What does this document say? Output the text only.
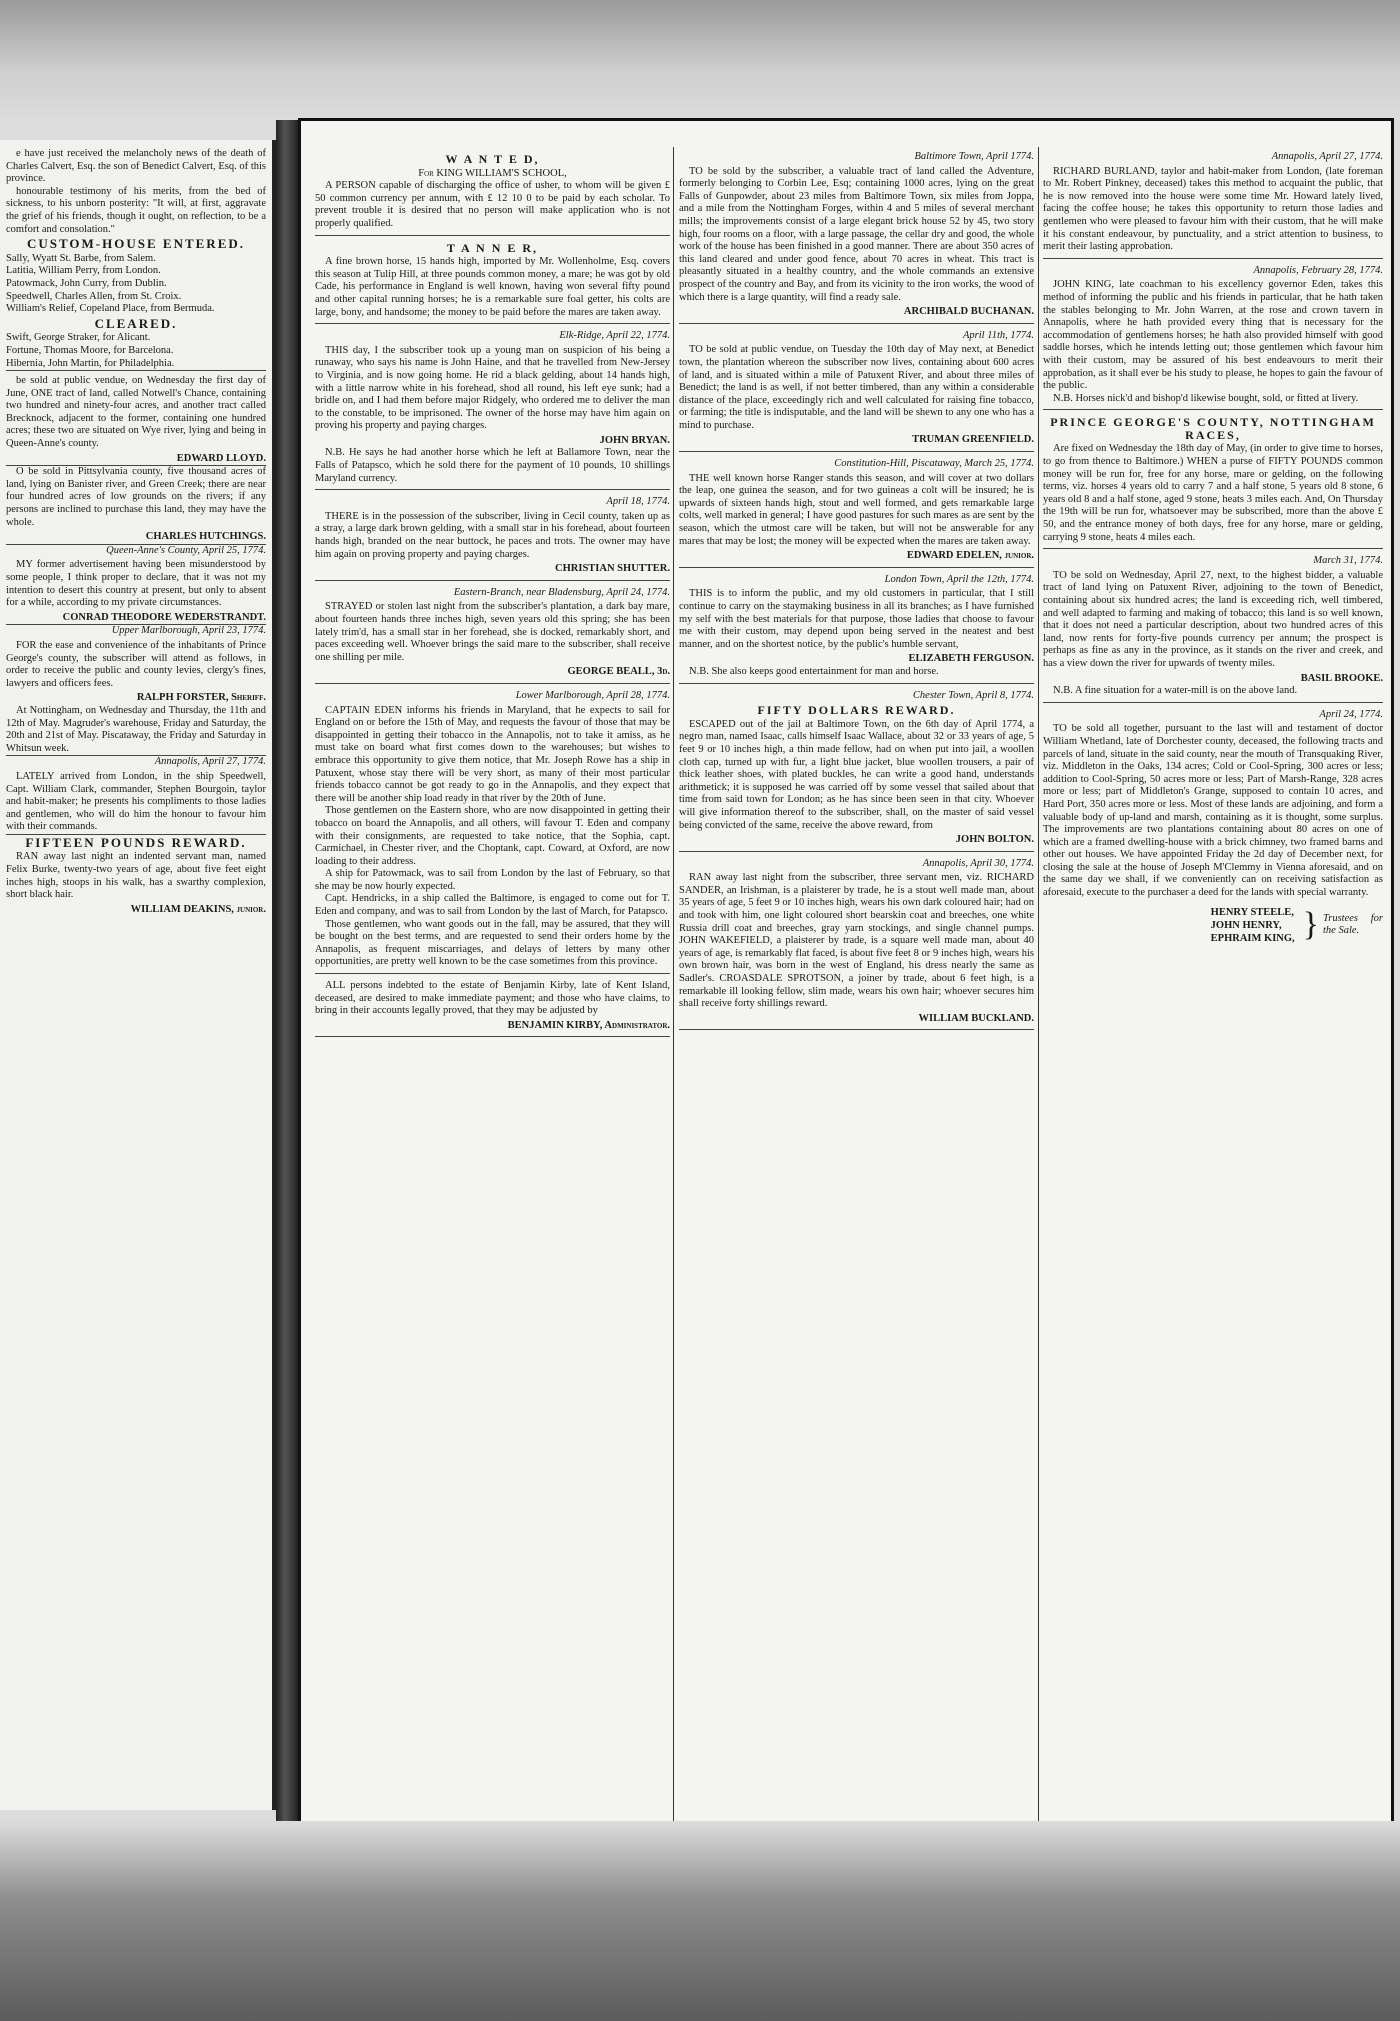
e have just received the melancholy news of the death of Charles Calvert, Esq. the son of Benedict Calvert, Esq. of this province.

honourable testimony of his merits, from the bed of sickness, to his unborn posterity: "It will, at first, aggravate the grief of his friends, though it ought, on reflection, to be a comfort and consolation."

CUSTOM-HOUSE ENTERED.
Sally, Wyatt St. Barbe, from Salem.
Latitia, William Perry, from London.
Patowmack, John Curry, from Dublin.
Speedwell, Charles Allen, from St. Croix.
William's Relief, Copeland Place, from Bermuda.
CLEARED.
Swift, George Straker, for Alicant.
Fortune, Thomas Moore, for Barcelona.
Hibernia, John Martin, for Philadelphia.

be sold at public vendue, on Wednesday the first day of June, ONE tract of land, called Notwell's Chance, containing two hundred and ninety-four acres, and another tract called Brecknock, adjacent to the former, containing one hundred acres; these two are situated on Wye river, lying and being in Queen-Anne's county.

EDWARD LLOYD.

O be sold in Pittsylvania county, five thousand acres of land, lying on Banister river, and Green Creek; there are near four hundred acres of low grounds on the rivers; if any persons are inclined to purchase this land, they may have the whole.

CHARLES HUTCHINGS.
Queen-Anne's County, April 25, 1774.

MY former advertisement having been misunderstood by some people, I think proper to declare, that it was not my intention to desert this country at present, but only to absent for a while, according to my private circumstances.

CONRAD THEODORE WEDERSTRANDT.
Upper Marlborough, April 23, 1774.

FOR the ease and convenience of the inhabitants of Prince George's county, the subscriber will attend as follows, in order to receive the public and county levies, clergy's fines, lawyers and officers fees.

RALPH FORSTER, Sheriff.

At Nottingham, on Wednesday and Thursday, the 11th and 12th of May. Magruder's warehouse, Friday and Saturday, the 20th and 21st of May. Piscataway, the Friday and Saturday in Whitsun week.

Annapolis, April 27, 1774.

LATELY arrived from London, in the ship Speedwell, Capt. William Clark, commander, Stephen Bourgoin, taylor and habit-maker; he presents his compliments to those ladies and gentlemen, who will do him the honour to favour him with their commands.

FIFTEEN POUNDS REWARD.

RAN away last night an indented servant man, named Felix Burke, twenty-two years of age, about five feet eight inches high, stoops in his walk, has a swarthy complexion, short black hair.

WILLIAM DEAKINS, junior.
W A N T E D,
For KING WILLIAM'S SCHOOL,

A PERSON capable of discharging the office of usher, to whom will be given £ 50 common currency per annum, with £ 12 10 0 to be paid by each scholar. To prevent trouble it is desired that no person will make application who is not properly qualified.

T A N N E R,

A fine brown horse, 15 hands high, imported by Mr. Wollenholme, Esq. covers this season at Tulip Hill, at three pounds common money, a mare; he was got by old Cade, his performance in England is well known, having won several fifty pound and other capital running horses; he is a remarkable sure foal getter, his colts are large, bony, and handsome; the money to be paid before the mares are taken away.

Elk-Ridge, April 22, 1774.

THIS day, I the subscriber took up a young man on suspicion of his being a runaway, who says his name is John Haine, and that he travelled from New-Jersey to Virginia, and is now going home. He rid a black gelding, about 14 hands high, with a little narrow white in his forehead, shod all round, his left eye sunk; had a bridle on, and I had them before major Ridgely, who ordered me to deliver the man to the constable, to be imprisoned. The owner of the horse may have him again on proving his property and paying charges.

JOHN BRYAN.

N.B. He says he had another horse which he left at Ballamore Town, near the Falls of Patapsco, which he sold there for the payment of 10 pounds, 10 shillings Maryland currency.

April 18, 1774.

THERE is in the possession of the subscriber, living in Cecil county, taken up as a stray, a large dark brown gelding, with a small star in his forehead, about fourteen hands high, branded on the near buttock, he paces and trots. The owner may have him again on proving property and paying charges.

CHRISTIAN SHUTTER.
Eastern-Branch, near Bladensburg, April 24, 1774.

STRAYED or stolen last night from the subscriber's plantation, a dark bay mare, about fourteen hands three inches high, seven years old this spring; she has been lately trim'd, has a small star in her forehead, she is docked, remarkably short, and paces exceeding well. Whoever brings the said mare to the subscriber, shall receive one shilling per mile.

GEORGE BEALL, 3d.
Lower Marlborough, April 28, 1774.

CAPTAIN EDEN informs his friends in Maryland, that he expects to sail for England on or before the 15th of May, and requests the favour of those that may be disappointed in getting their tobacco in the Annapolis, not to take it amiss, as he must take on board what first comes down to the warehouses; but wishes to embrace this opportunity to give them notice, that Mr. Joseph Rowe has a ship in Patuxent, whose stay there will be very short, as many of their most particular friends tobacco cannot be got ready to go in the Annapolis, and they expect that there will be another ship load ready in that river by the 20th of June.

Those gentlemen on the Eastern shore, who are now disappointed in getting their tobacco on board the Annapolis, and all others, will favour T. Eden and company with their consignments, are requested to take notice, that the Sophia, capt. Carmichael, in Chester river, and the Choptank, capt. Coward, at Oxford, are now loading to their address.

A ship for Patowmack, was to sail from London by the last of February, so that she may be now hourly expected.

Capt. Hendricks, in a ship called the Baltimore, is engaged to come out for T. Eden and company, and was to sail from London by the last of March, for Patapsco.

Those gentlemen, who want goods out in the fall, may be assured, that they will be bought on the best terms, and are requested to send their orders home by the Annapolis, as frequent miscarriages, and delays of letters by many other opportunities, are pretty well known to be the case sometimes from this province.

ALL persons indebted to the estate of Benjamin Kirby, late of Kent Island, deceased, are desired to make immediate payment; and those who have claims, to bring in their accounts legally proved, that they may be adjusted by

BENJAMIN KIRBY, Administrator.
Baltimore Town, April 1774.

TO be sold by the subscriber, a valuable tract of land called the Adventure, formerly belonging to Corbin Lee, Esq; containing 1000 acres, lying on the great Falls of Gunpowder, about 23 miles from Baltimore Town, six miles from Joppa, and a mile from the Nottingham Forges, within 4 and 5 miles of several merchant mills; the improvements consist of a large elegant brick house 52 by 45, two story high, four rooms on a floor, with a large passage, the cellar dry and good, the whole work of the house has been finished in a good manner. There are about 350 acres of this land cleared and under good fence, about 70 acres in wheat. This tract is pleasantly situated in a healthy country, and the whole commands an extensive prospect of the country and Bay, and from its vicinity to the iron works, the wood of which there is a large quantity, will find a ready sale.

ARCHIBALD BUCHANAN.
April 11th, 1774.

TO be sold at public vendue, on Tuesday the 10th day of May next, at Benedict town, the plantation whereon the subscriber now lives, containing about 600 acres of land, and is situated within a mile of Patuxent River, and about three miles of Benedict; the land is as well, if not better timbered, than any within a considerable distance of the place, exceedingly rich and well calculated for raising fine tobacco, or farming; the title is indisputable, and the land will be shewn to any one who has a mind to purchase.

TRUMAN GREENFIELD.
Constitution-Hill, Piscataway, March 25, 1774.

THE well known horse Ranger stands this season, and will cover at two dollars the leap, one guinea the season, and for two guineas a colt will be insured; he is upwards of sixteen hands high, stout and well formed, and gets remarkable large colts, well marked in general; I have good pastures for such mares as are sent by the season, which the utmost care will be taken, but will not be answerable for any mares that may be lost; the money will be expected when the mares are taken away.

EDWARD EDELEN, junior.
London Town, April the 12th, 1774.

THIS is to inform the public, and my old customers in particular, that I still continue to carry on the staymaking business in all its branches; as I have furnished my self with the best materials for that purpose, those ladies that choose to favour me with their custom, may depend upon being served in the neatest and best manner, and on the shortest notice, by the public's humble servant,

ELIZABETH FERGUSON.

N.B. She also keeps good entertainment for man and horse.

Chester Town, April 8, 1774.
FIFTY DOLLARS REWARD.

ESCAPED out of the jail at Baltimore Town, on the 6th day of April 1774, a negro man, named Isaac, calls himself Isaac Wallace, about 32 or 33 years of age, 5 feet 9 or 10 inches high, a thin made fellow, had on when put into jail, a woollen cloth cap, turned up with fur, a light blue jacket, blue woollen trousers, a pair of thick leather shoes, with plated buckles, he can write a good hand, understands arithmetick; it is supposed he was carried off by some vessel that sailed about that time from said town for London; as he has since been seen in that city. Whoever will give information thereof to the subscriber, shall, on the master of said vessel being convicted of the same, receive the above reward, from

JOHN BOLTON.
Annapolis, April 30, 1774.

RAN away last night from the subscriber, three servant men, viz. RICHARD SANDER, an Irishman, is a plaisterer by trade, he is a stout well made man, about 35 years of age, 5 feet 9 or 10 inches high, wears his own dark coloured hair; had on and took with him, one light coloured short bearskin coat and breeches, one white Russia drill coat and breeches, gray yarn stockings, and single channel pumps. JOHN WAKEFIELD, a plaisterer by trade, is a square well made man, about 40 years of age, is remarkably flat faced, is about five feet 8 or 9 inches high, wears his own brown hair, was born in the west of England, his dress nearly the same as Sadler's. CROASDALE SPROTSON, a joiner by trade, about 6 feet high, is a remarkable ill looking fellow, slim made, wears his own hair; whoever secures him shall receive forty shillings reward.

WILLIAM BUCKLAND.
Annapolis, April 27, 1774.

RICHARD BURLAND, taylor and habit-maker from London, (late foreman to Mr. Robert Pinkney, deceased) takes this method to acquaint the public, that he is now removed into the house were some time Mr. Howard lately lived, facing the coffee house; he takes this opportunity to return those ladies and gentlemen who were pleased to favour him with their custom, that he will make it his constant endeavour, by punctuality, and a strict attention to business, to merit their lasting approbation.

Annapolis, February 28, 1774.

JOHN KING, late coachman to his excellency governor Eden, takes this method of informing the public and his friends in particular, that he hath taken the stables belonging to Mr. John Warren, at the rose and crown tavern in Annapolis, where he hath provided every thing that is necessary for the accommodation of gentlemens horses; he hath also provided himself with good saddle horses, which he intends letting out; those gentlemen which favour him with their custom, may be assured of his best endeavours to merit their approbation, as it shall ever be his study to please, he hopes to gain the favour of the public.

N.B. Horses nick'd and bishop'd likewise bought, sold, or fitted at livery.

PRINCE GEORGE'S COUNTY, NOTTINGHAM RACES,

Are fixed on Wednesday the 18th day of May, (in order to give time to horses, to go from thence to Baltimore.) WHEN a purse of FIFTY POUNDS common money will be run for, free for any horse, mare or gelding, on the following terms, viz. horses 4 years old to carry 7 and a half stone, 5 years old 8 stone, 6 years old 8 and a half stone, aged 9 stone, heats 3 miles each. And, On Thursday the 19th will be run for, whatsoever may be subscribed, more than the above £ 50, and the entrance money of both days, free for any horse, mare or gelding, carrying 9 stone, heats 4 miles each.

March 31, 1774.

TO be sold on Wednesday, April 27, next, to the highest bidder, a valuable tract of land lying on Patuxent River, adjoining to the town of Benedict, containing about six hundred acres; the land is exceeding rich, well timbered, and well adapted to farming and making of tobacco; this land is so well known, that it does not need a particular description, about two hundred acres of this land, now rents for forty-five pounds currency per annum; the prospect is perhaps as fine as any in the province, as it stands on the river and creek, and has a view down the river for upwards of twenty miles.

BASIL BROOKE.

N.B. A fine situation for a water-mill is on the above land.

April 24, 1774.

TO be sold all together, pursuant to the last will and testament of doctor William Whetland, late of Dorchester county, deceased, the following tracts and parcels of land, situate in the said county, near the mouth of Transquaking River, viz. Middleton in the Oaks, 134 acres; Cold or Cool-Spring, 300 acres or less; addition to Cool-Spring, 50 acres more or less; Part of Marsh-Range, 328 acres more or less; part of Middleton's Grange, supposed to contain 10 acres, and Hard Port, 350 acres more or less. Most of these lands are adjoining, and form a valuable body of up-land and marsh, containing as it is thought, some surplus. The improvements are two plantations containing about 80 acres on one of which are a framed dwelling-house with a brick chimney, two framed barns and other out houses. We have appointed Friday the 2d day of December next, for closing the sale at the house of Joseph M'Clemmy in Vienna aforesaid, and on the same day we shall, if we conveniently can on receiving satisfaction as aforesaid, execute to the purchaser a deed for the lands with special warranty.

HENRY STEELE,
JOHN HENRY,
EPHRAIM KING, } Trustees for the Sale.
